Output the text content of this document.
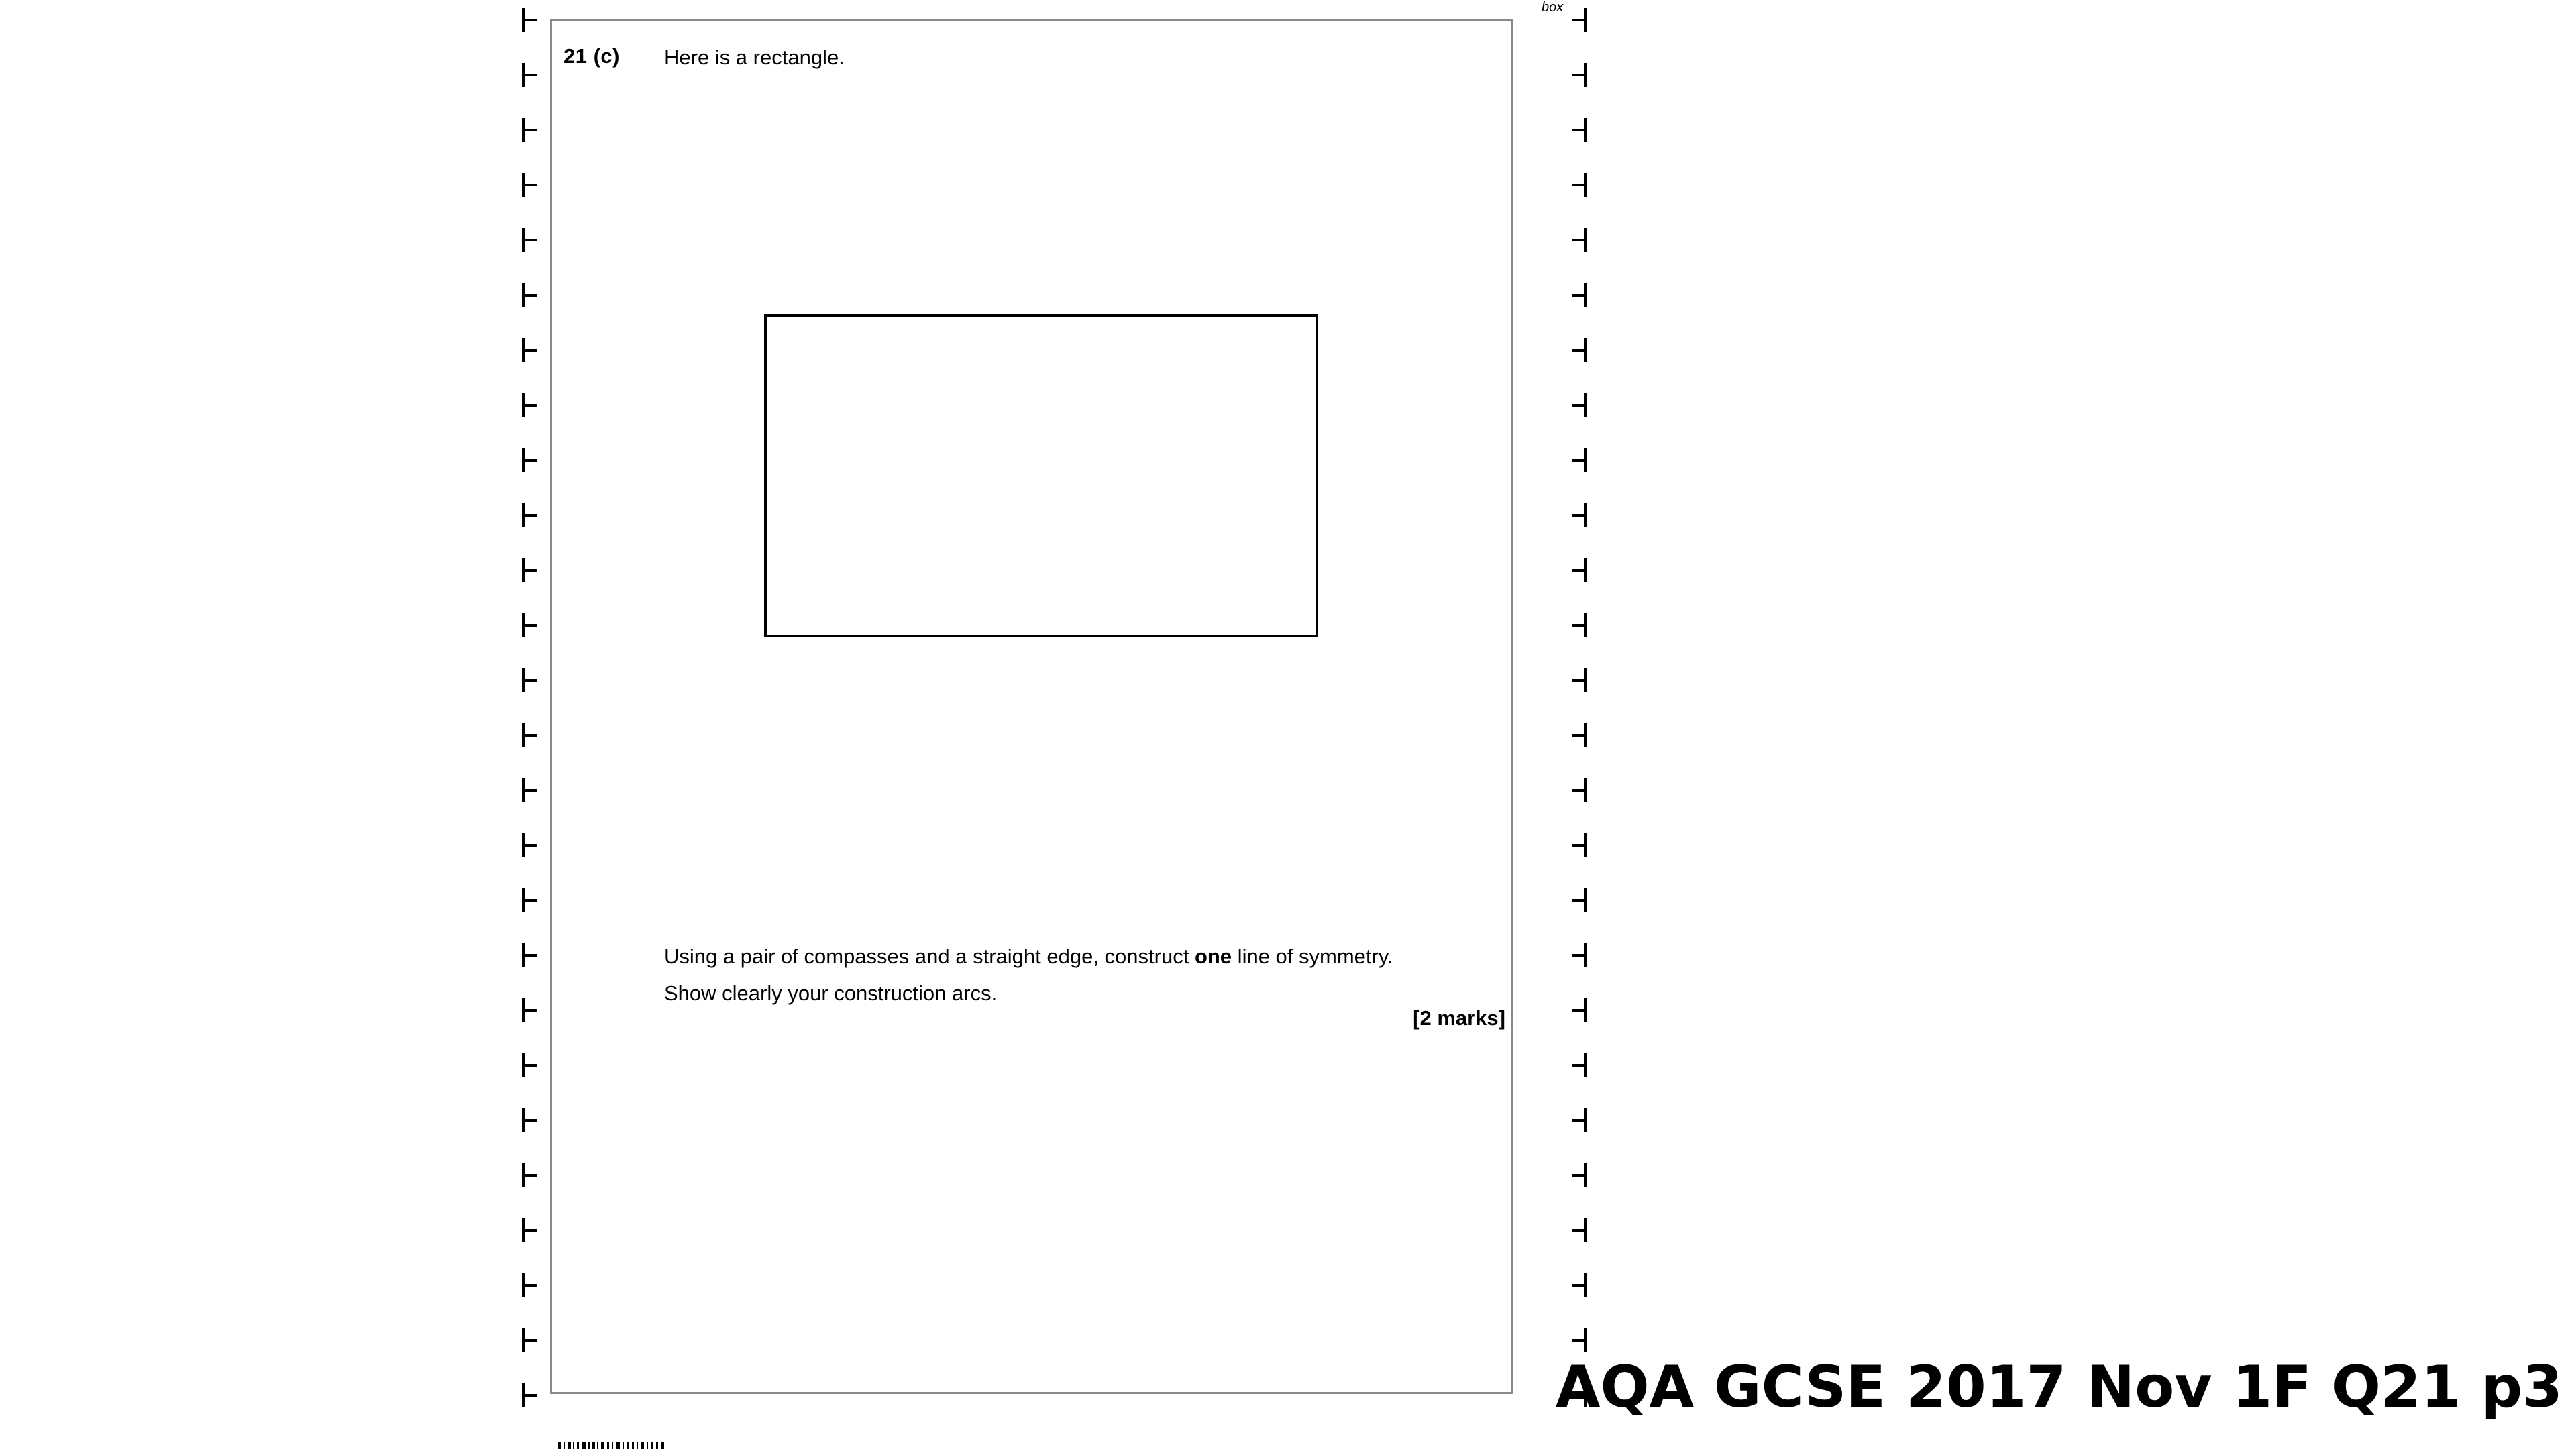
21 (c) Here is a rectangle.
Using a pair of compasses and a straight edge, construct one line of symmetry.
Show clearly your construction arcs.
[2 marks]
box
AQA GCSE 2017 Nov 1F Q21 p3
